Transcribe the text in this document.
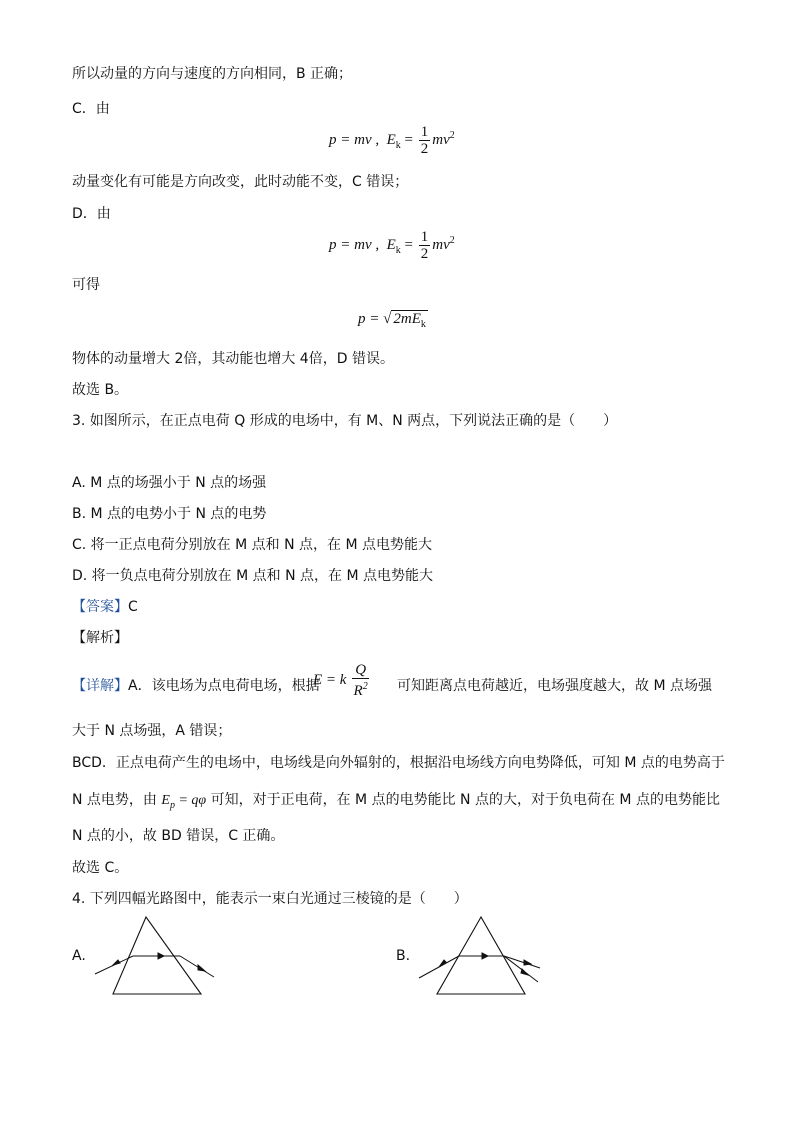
所以动量的方向与速度的方向相同，B 正确；
C．由
p = mv , $E_k = \frac{1}{2} mv^2$
动量变化有可能是方向改变，此时动能不变，C 错误；
D．由
p = mv , $E_k = \frac{1}{2} mv^2$
可得
p = √ $2mE_k$
物体的动量增大 2倍，其动能也增大 4倍，D 错误。
故选 B。
3. 如图所示，在正点电荷 Q 形成的电场中，有 M、N 两点，下列说法正确的是（　　）
A. M 点的场强小于 N 点的场强
B. M 点的电势小于 N 点的电势
C. 将一正点电荷分别放在 M 点和 N 点，在 M 点电势能大
D. 将一负点电荷分别放在 M 点和 N 点，在 M 点电势能大
【答案】C
【解析】
【详解】A．该电场为点电荷电场，根据
E = k $\frac{Q}{R^2}$ 可知距离点电荷越近，电场强度越大，故 M 点场强
大于 N 点场强，A 错误；
BCD．正点电荷产生的电场中，电场线是向外辐射的，根据沿电场线方向电势降低，可知 M 点的电势高于
N 点电势，由 $E_p = q\varphi$ 可知，对于正电荷，在 M 点的电势能比 N 点的大，对于负电荷在 M 点的电势能比
N 点的小，故 BD 错误，C 正确。
故选 C。
4. 下列四幅光路图中，能表示一束白光通过三棱镜的是（　　）
A.	B.
